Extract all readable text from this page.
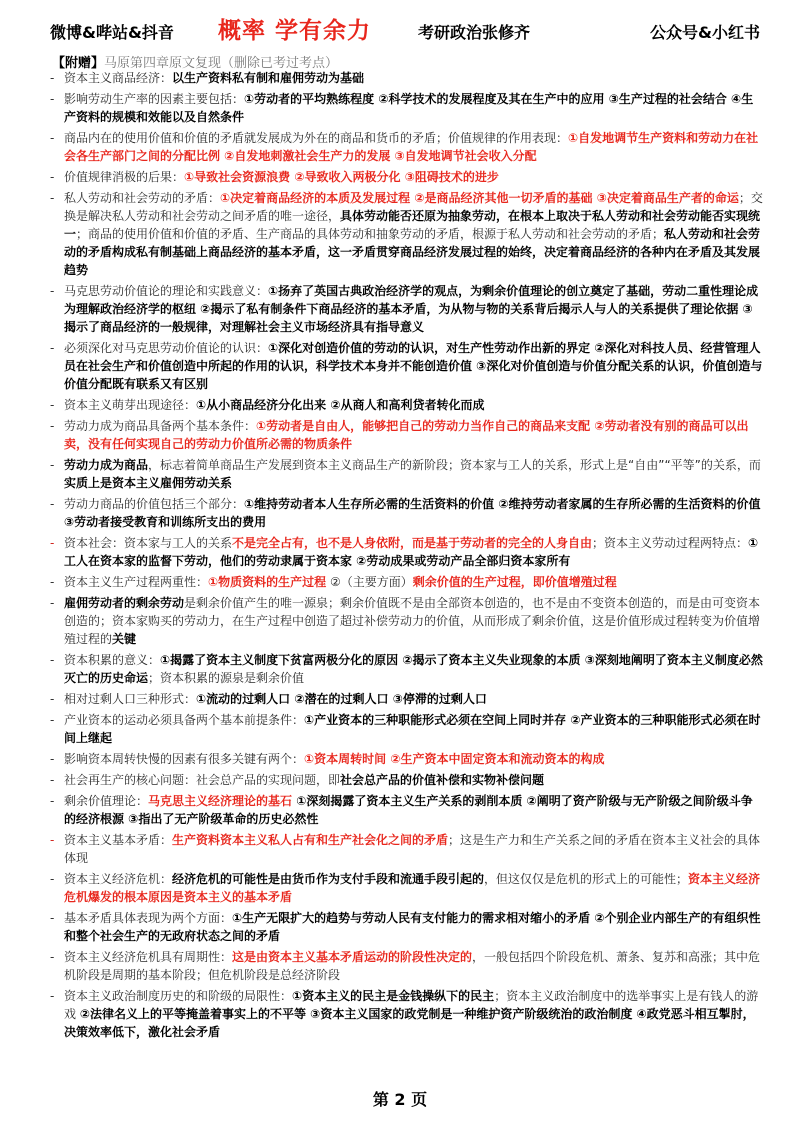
微博&哔站&抖音 概率 学有余力	考研政治张修齐	公众号&小红书
【附赠】马原第四章原文复现（删除已考过考点）
- 资本主义商品经济：以生产资料私有制和雇佣劳动为基础
- 影响劳动生产率的因素主要包括：①劳动者的平均熟练程度 ②科学技术的发展程度及其在生产中的应用 ③生产过程的社会结合 ④生产资料的规模和效能以及自然条件
- 商品内在的使用价值和价值的矛盾就发展成为外在的商品和货币的矛盾；价值规律的作用表现：①自发地调节生产资料和劳动力在社会各生产部门之间的分配比例 ②自发地刺激社会生产力的发展 ③自发地调节社会收入分配
- 价值规律消极的后果：①导致社会资源浪费 ②导致收入两极分化 ③阻碍技术的进步
- 私人劳动和社会劳动的矛盾：①决定着商品经济的本质及发展过程 ②是商品经济其他一切矛盾的基础 ③决定着商品生产者的命运；交换是解决私人劳动和社会劳动之间矛盾的唯一途径，具体劳动能否还原为抽象劳动，在根本上取决于私人劳动和社会劳动能否实现统一；商品的使用价值和价值的矛盾、生产商品的具体劳动和抽象劳动的矛盾，根源于私人劳动和社会劳动的矛盾；私人劳动和社会劳动的矛盾构成私有制基础上商品经济的基本矛盾，这一矛盾贯穿商品经济发展过程的始终，决定着商品经济的各种内在矛盾及其发展趋势
- 马克思劳动价值论的理论和实践意义：①扬弃了英国古典政治经济学的观点，为剩余价值理论的创立奠定了基础，劳动二重性理论成为理解政治经济学的枢纽 ②揭示了私有制条件下商品经济的基本矛盾，为从物与物的关系背后揭示人与人的关系提供了理论依据 ③揭示了商品经济的一般规律，对理解社会主义市场经济具有指导意义
- 必须深化对马克思劳动价值论的认识：①深化对创造价值的劳动的认识，对生产性劳动作出新的界定 ②深化对科技人员、经营管理人员在社会生产和价值创造中所起的作用的认识，科学技术本身并不能创造价值 ③深化对价值创造与价值分配关系的认识，价值创造与价值分配既有联系又有区别
- 资本主义萌芽出现途径：①从小商品经济分化出来 ②从商人和高利贷者转化而成
- 劳动力成为商品具备两个基本条件：①劳动者是自由人，能够把自己的劳动力当作自己的商品来支配 ②劳动者没有别的商品可以出卖，没有任何实现自己的劳动力价值所必需的物质条件
- 劳动力成为商品，标志着简单商品生产发展到资本主义商品生产的新阶段；资本家与工人的关系，形式上是“自由”“平等”的关系，而实质上是资本主义雇佣劳动关系
- 劳动力商品的价值包括三个部分：①维持劳动者本人生存所必需的生活资料的价值 ②维持劳动者家属的生存所必需的生活资料的价值 ③劳动者接受教育和训练所支出的费用
- 资本社会：资本家与工人的关系不是完全占有，也不是人身依附，而是基于劳动者的完全的人身自由；资本主义劳动过程两特点：①工人在资本家的监督下劳动，他们的劳动隶属于资本家 ②劳动成果或劳动产品全部归资本家所有
- 资本主义生产过程两重性：①物质资料的生产过程 ②（主要方面）剩余价值的生产过程，即价值增殖过程
- 雇佣劳动者的剩余劳动是剩余价值产生的唯一源泉；剩余价值既不是由全部资本创造的，也不是由不变资本创造的，而是由可变资本创造的；资本家购买的劳动力，在生产过程中创造了超过补偿劳动力的价值，从而形成了剩余价值，这是价值形成过程转变为价值增殖过程的关键
- 资本积累的意义：①揭露了资本主义制度下贫富两极分化的原因 ②揭示了资本主义失业现象的本质 ③深刻地阐明了资本主义制度必然灭亡的历史命运；资本积累的源泉是剩余价值
- 相对过剩人口三种形式：①流动的过剩人口 ②潜在的过剩人口 ③停滞的过剩人口
- 产业资本的运动必须具备两个基本前提条件：①产业资本的三种职能形式必须在空间上同时并存 ②产业资本的三种职能形式必须在时间上继起
- 影响资本周转快慢的因素有很多关键有两个：①资本周转时间 ②生产资本中固定资本和流动资本的构成
- 社会再生产的核心问题：社会总产品的实现问题，即社会总产品的价值补偿和实物补偿问题
- 剩余价值理论：马克思主义经济理论的基石 ①深刻揭露了资本主义生产关系的剥削本质 ②阐明了资产阶级与无产阶级之间阶级斗争的经济根源 ③指出了无产阶级革命的历史必然性
- 资本主义基本矛盾：生产资料资本主义私人占有和生产社会化之间的矛盾；这是生产力和生产关系之间的矛盾在资本主义社会的具体体现
- 资本主义经济危机：经济危机的可能性是由货币作为支付手段和流通手段引起的，但这仅仅是危机的形式上的可能性；资本主义经济危机爆发的根本原因是资本主义的基本矛盾
- 基本矛盾具体表现为两个方面：①生产无限扩大的趋势与劳动人民有支付能力的需求相对缩小的矛盾 ②个别企业内部生产的有组织性和整个社会生产的无政府状态之间的矛盾
- 资本主义经济危机具有周期性：这是由资本主义基本矛盾运动的阶段性决定的，一般包括四个阶段危机、萧条、复苏和高涨；其中危机阶段是周期的基本阶段；但危机阶段是总经济阶段
- 资本主义政治制度历史的和阶级的局限性：①资本主义的民主是金钱操纵下的民主；资本主义政治制度中的选举事实上是有钱人的游戏 ②法律名义上的平等掩盖着事实上的不平等 ③资本主义国家的政党制是一种维护资产阶级统治的政治制度 ④政党恶斗相互掣肘，决策效率低下，激化社会矛盾
第 2 页
